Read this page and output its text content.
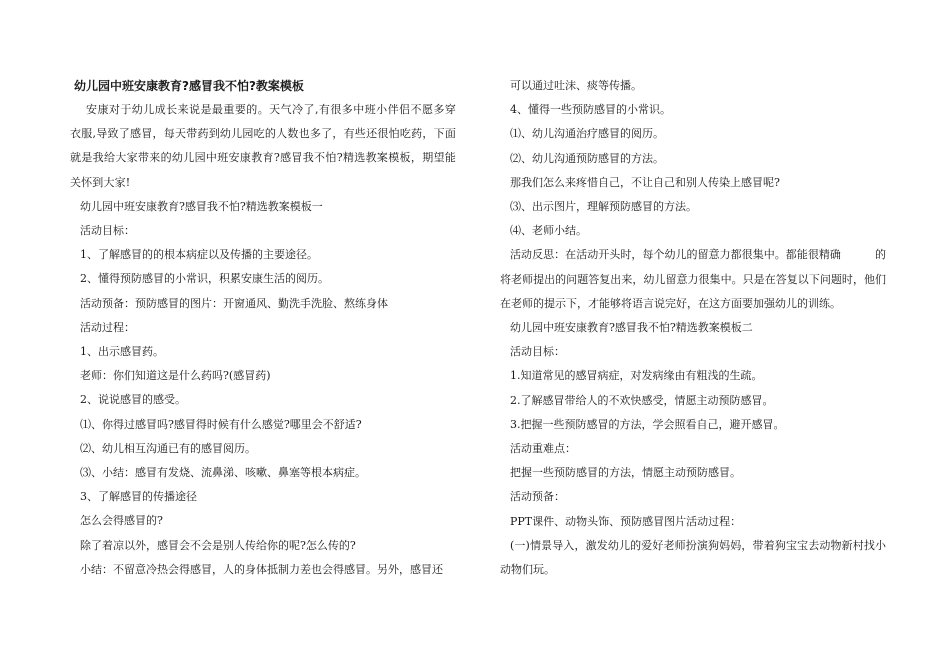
幼儿园中班安康教育?感冒我不怕?教案模板

安康对于幼儿成长来说是最重要的。天气冷了,有很多中班小伴侣不愿多穿衣服,导致了感冒，每天带药到幼儿园吃的人数也多了，有些还很怕吃药，下面就是我给大家带来的幼儿园中班安康教育?感冒我不怕?精选教案模板，期望能关怀到大家!

幼儿园中班安康教育?感冒我不怕?精选教案模板一

活动目标：

1、了解感冒的的根本病症以及传播的主要途径。

2、懂得预防感冒的小常识，积累安康生活的阅历。

活动预备：预防感冒的图片：开窗通风、勤洗手洗脸、熬练身体

活动过程：

1、出示感冒药。

老师：你们知道这是什么药吗?(感冒药)

2、说说感冒的感受。

⑴、你得过感冒吗?感冒得时候有什么感觉?哪里会不舒适?

⑵、幼儿相互沟通已有的感冒阅历。

⑶、小结：感冒有发烧、流鼻涕、咳嗽、鼻塞等根本病症。

3、了解感冒的传播途径

怎么会得感冒的?

除了着凉以外，感冒会不会是别人传给你的呢?怎么传的?

小结：不留意冷热会得感冒，人的身体抵制力差也会得感冒。另外，感冒还

可以通过吐沫、痰等传播。

4、懂得一些预防感冒的小常识。

⑴、幼儿沟通治疗感冒的阅历。

⑵、幼儿沟通预防感冒的方法。

那我们怎么来疼惜自己，不让自己和别人传染上感冒呢?

⑶、出示图片，理解预防感冒的方法。

⑷、老师小结。

活动反思：在活动开头时，每个幼儿的留意力都很集中。都能很精确	的将老师提出的问题答复出来，幼儿留意力很集中。只是在答复以下问题时，他们在老师的提示下，才能够将语言说完好，在这方面要加强幼儿的训练。

幼儿园中班安康教育?感冒我不怕?精选教案模板二

活动目标：

1.知道常见的感冒病症，对发病缘由有粗浅的生疏。

2.了解感冒带给人的不欢快感受，情愿主动预防感冒。

3.把握一些预防感冒的方法，学会照看自己，避开感冒。

活动重难点：

把握一些预防感冒的方法，情愿主动预防感冒。

活动预备：

PPT课件、动物头饰、预防感冒图片活动过程：

(一)情景导入，激发幼儿的爱好老师扮演狗妈妈，带着狗宝宝去动物新村找小动物们玩。
